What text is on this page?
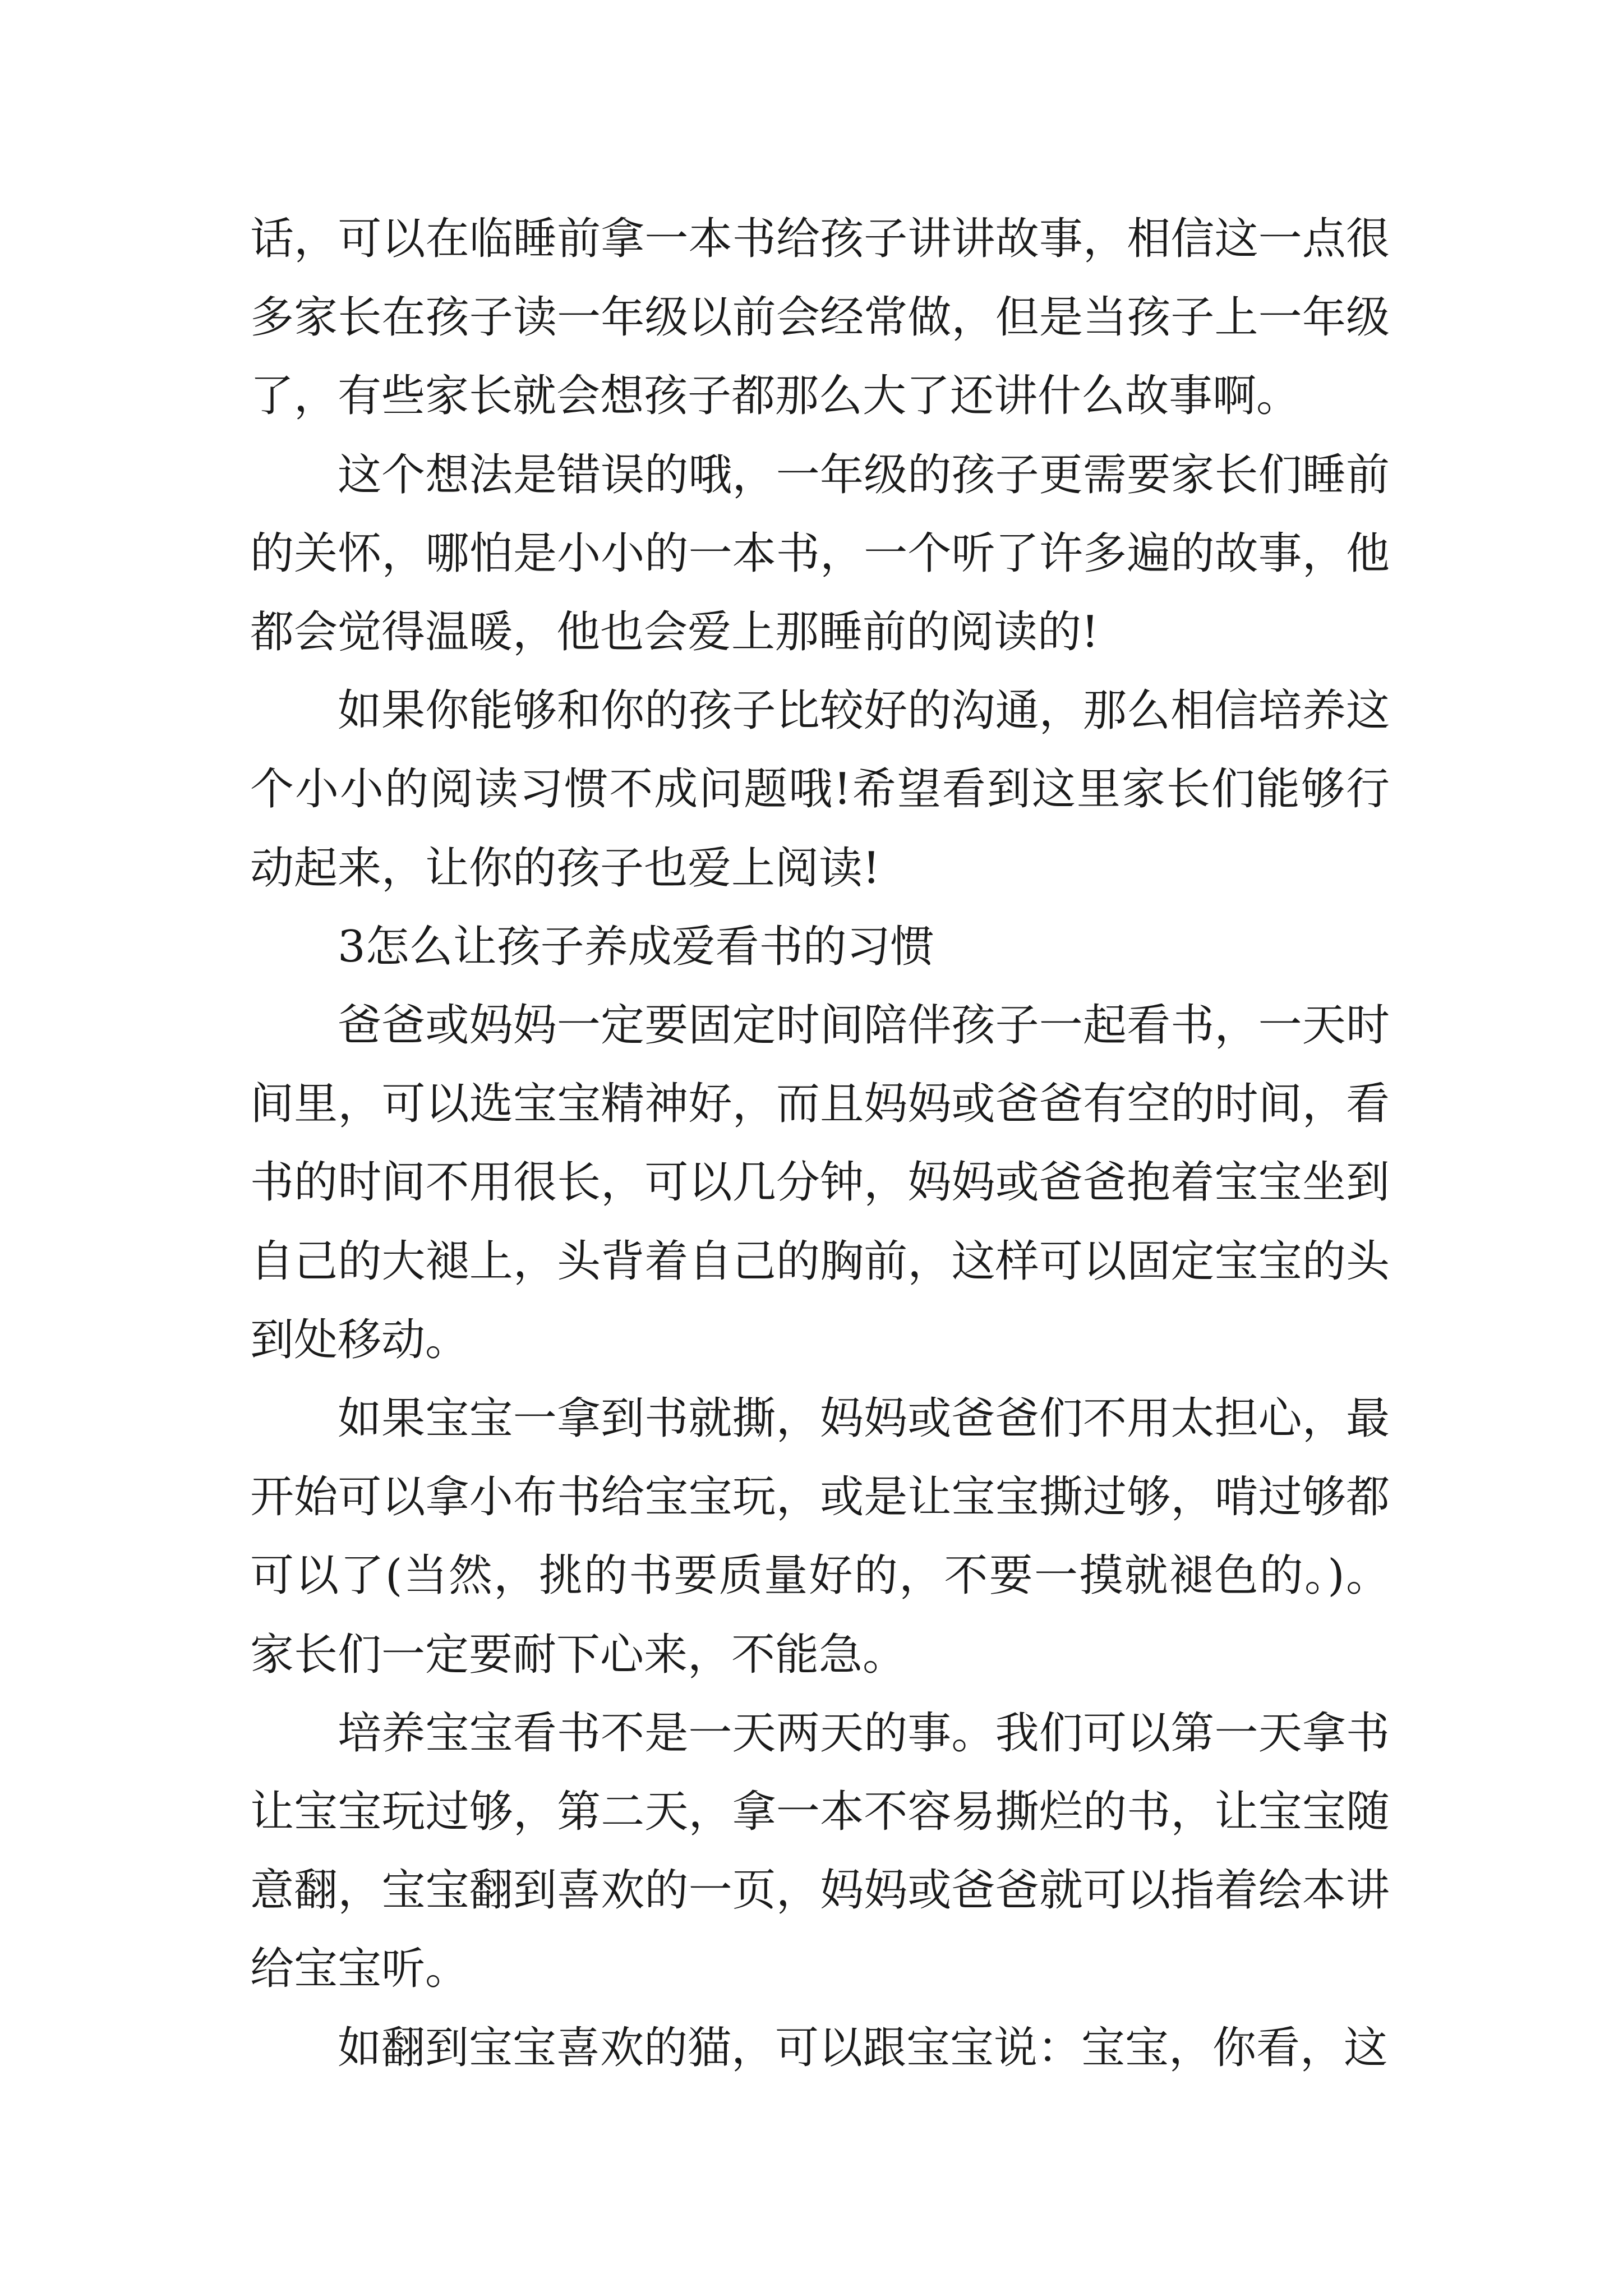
话，可以在临睡前拿一本书给孩子讲讲故事，相信这一点很多家长在孩子读一年级以前会经常做，但是当孩子上一年级了，有些家长就会想孩子都那么大了还讲什么故事啊。

这个想法是错误的哦，一年级的孩子更需要家长们睡前的关怀，哪怕是小小的一本书，一个听了许多遍的故事，他都会觉得温暖，他也会爱上那睡前的阅读的!

如果你能够和你的孩子比较好的沟通，那么相信培养这个小小的阅读习惯不成问题哦!希望看到这里家长们能够行动起来，让你的孩子也爱上阅读!

3怎么让孩子养成爱看书的习惯

爸爸或妈妈一定要固定时间陪伴孩子一起看书，一天时间里，可以选宝宝精神好，而且妈妈或爸爸有空的时间，看书的时间不用很长，可以几分钟，妈妈或爸爸抱着宝宝坐到自己的大褪上，头背着自己的胸前，这样可以固定宝宝的头到处移动。

如果宝宝一拿到书就撕，妈妈或爸爸们不用太担心，最开始可以拿小布书给宝宝玩，或是让宝宝撕过够，啃过够都可以了(当然，挑的书要质量好的，不要一摸就褪色的。)。家长们一定要耐下心来，不能急。

培养宝宝看书不是一天两天的事。我们可以第一天拿书让宝宝玩过够，第二天，拿一本不容易撕烂的书，让宝宝随意翻，宝宝翻到喜欢的一页，妈妈或爸爸就可以指着绘本讲给宝宝听。

如翻到宝宝喜欢的猫，可以跟宝宝说：宝宝，你看，这
